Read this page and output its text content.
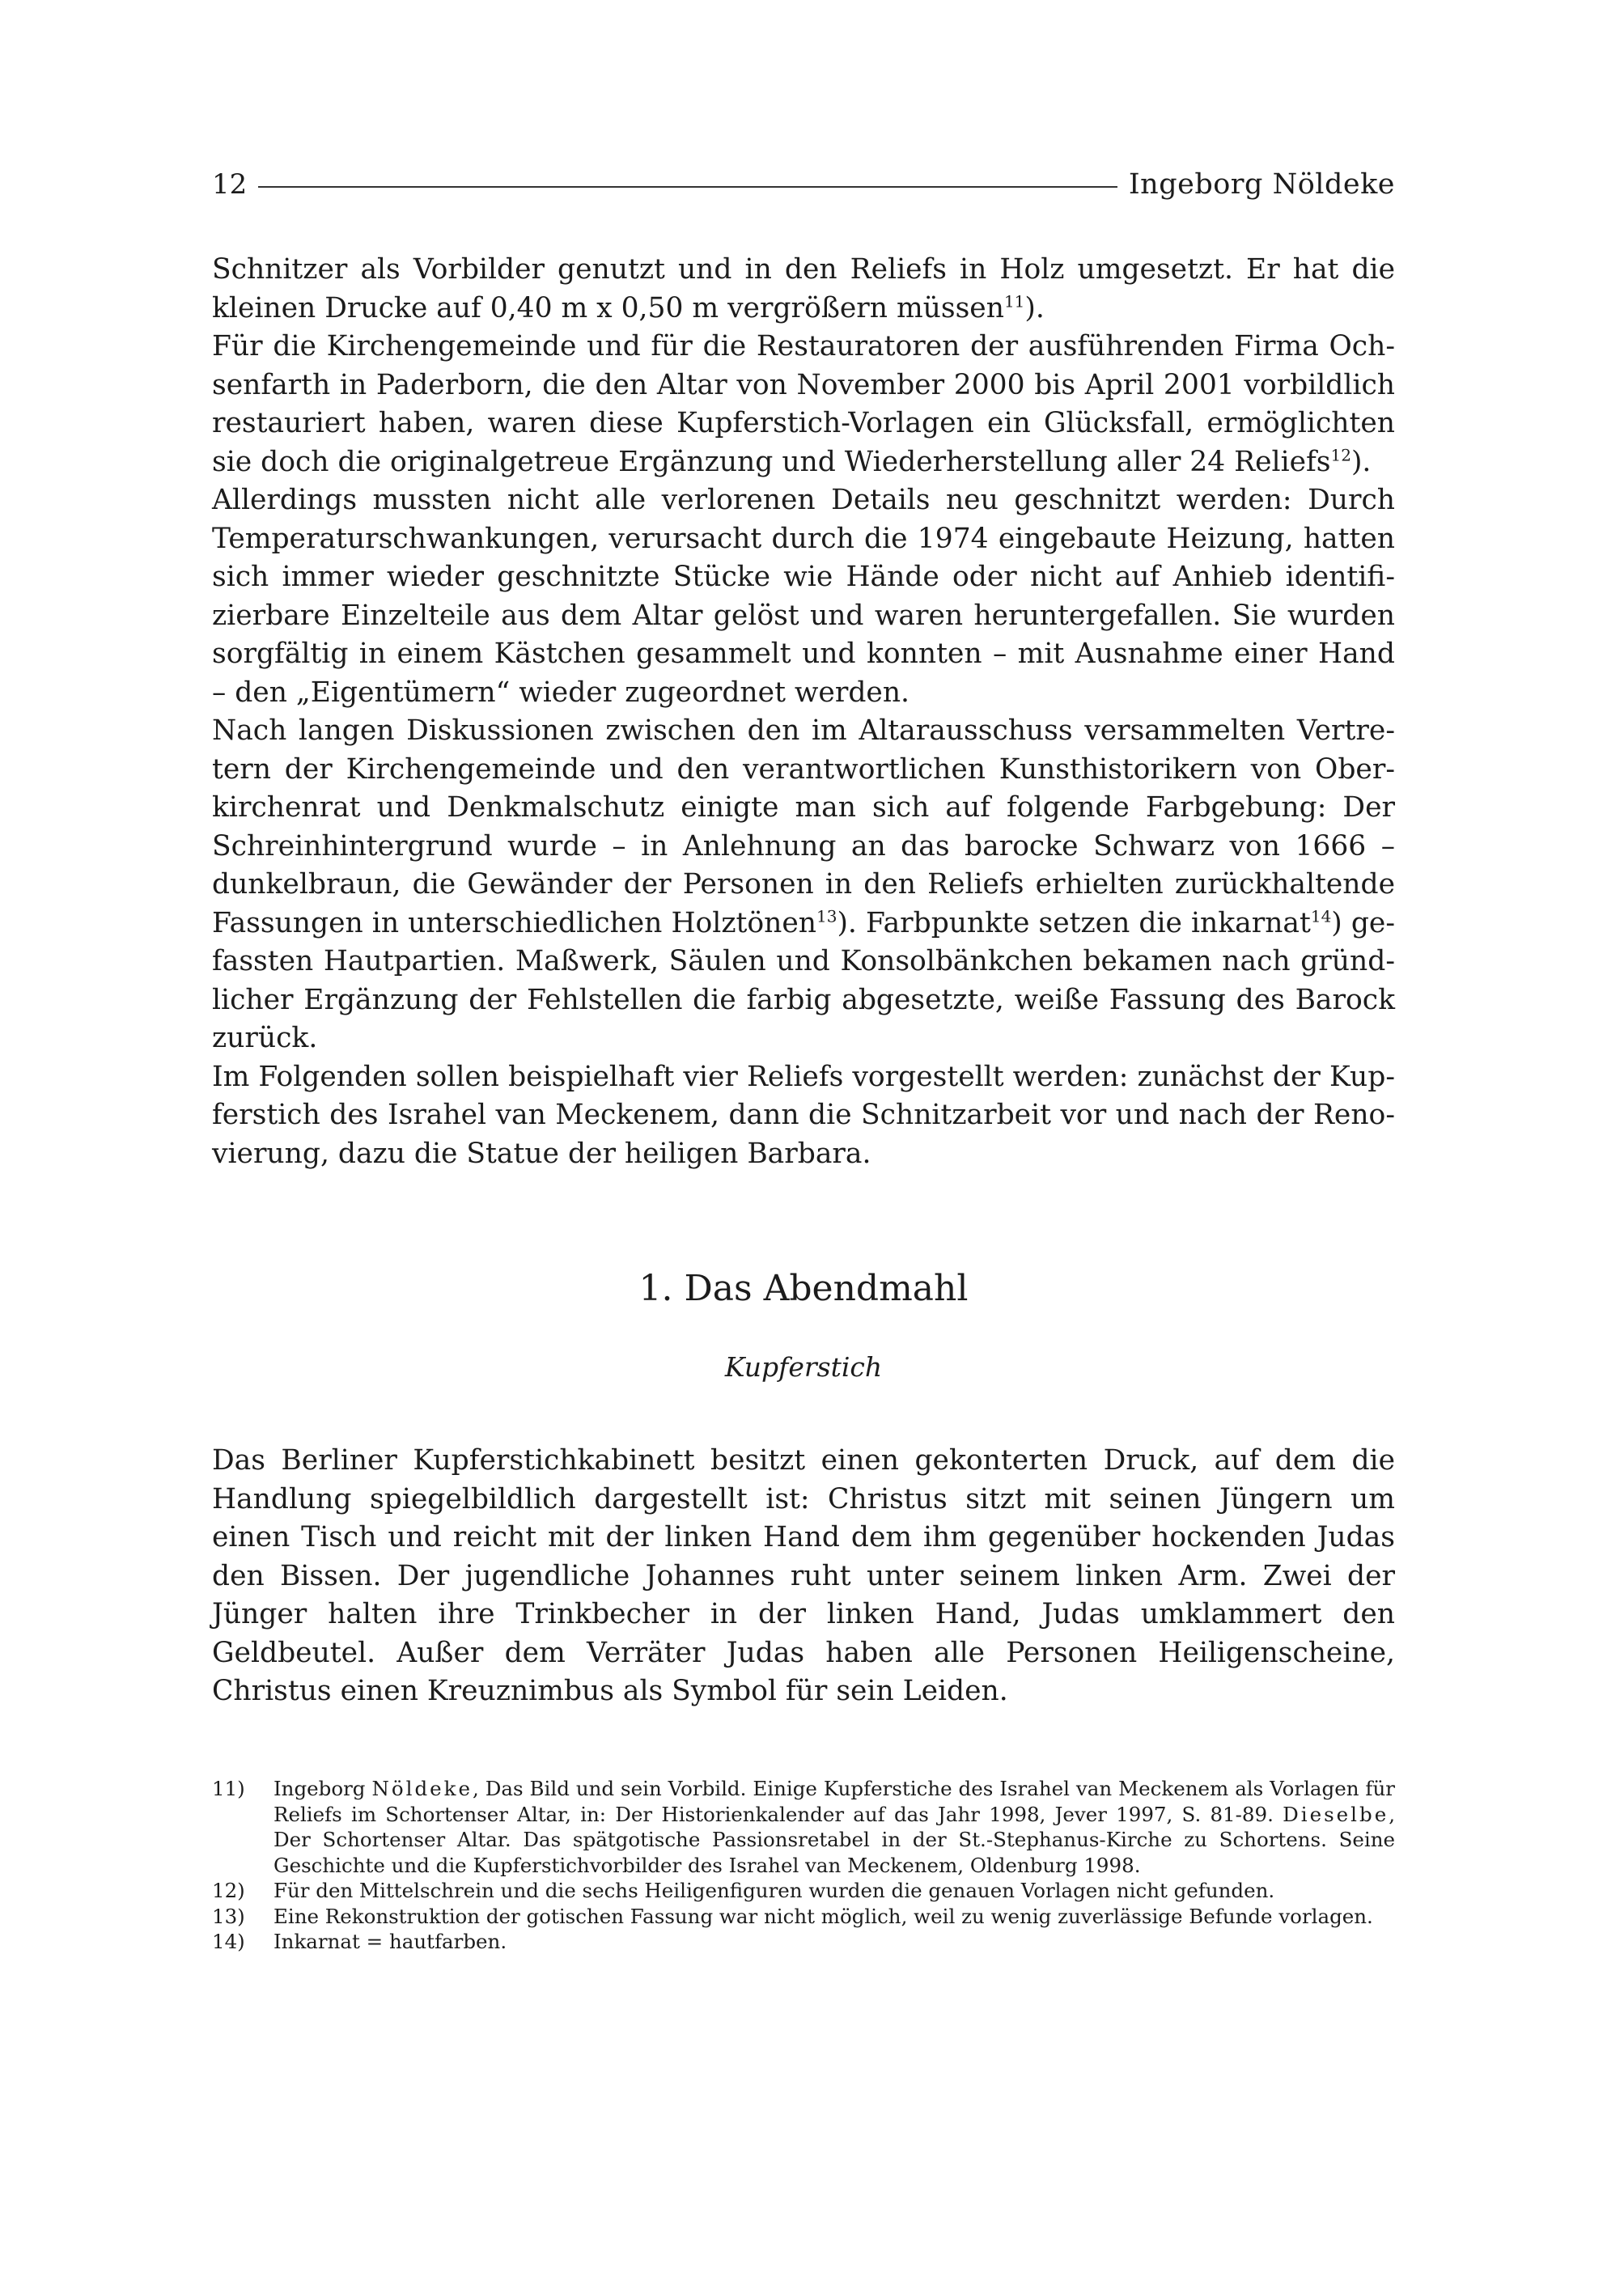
12	Ingeborg Nöldeke

Schnitzer als Vorbilder genutzt und in den Reliefs in Holz umgesetzt. Er hat die kleinen Drucke auf 0,40 m x 0,50 m vergrößern müssen$^{11}$).

Für die Kirchengemeinde und für die Restauratoren der ausführenden Firma Ochsenfarth in Paderborn, die den Altar von November 2000 bis April 2001 vorbildlich restauriert haben, waren diese Kupferstich-Vorlagen ein Glücksfall, ermöglichten sie doch die originalgetreue Ergänzung und Wiederherstellung aller 24 Reliefs$^{12}$).

Allerdings mussten nicht alle verlorenen Details neu geschnitzt werden: Durch Temperaturschwankungen, verursacht durch die 1974 eingebaute Heizung, hatten sich immer wieder geschnitzte Stücke wie Hände oder nicht auf Anhieb identifizierbare Einzelteile aus dem Altar gelöst und waren heruntergefallen. Sie wurden sorgfältig in einem Kästchen gesammelt und konnten – mit Ausnahme einer Hand – den „Eigentümern“ wieder zugeordnet werden.

Nach langen Diskussionen zwischen den im Altarausschuss versammelten Vertretern der Kirchengemeinde und den verantwortlichen Kunsthistorikern von Oberkirchenrat und Denkmalschutz einigte man sich auf folgende Farbgebung: Der Schreinhintergrund wurde – in Anlehnung an das barocke Schwarz von 1666 – dunkelbraun, die Gewänder der Personen in den Reliefs erhielten zurückhaltende Fassungen in unterschiedlichen Holztönen$^{13}$). Farbpunkte setzen die inkarnat$^{14}$) gefassten Hautpartien. Maßwerk, Säulen und Konsolbänkchen bekamen nach gründlicher Ergänzung der Fehlstellen die farbig abgesetzte, weiße Fassung des Barock zurück.

Im Folgenden sollen beispielhaft vier Reliefs vorgestellt werden: zunächst der Kupferstich des Israhel van Meckenem, dann die Schnitzarbeit vor und nach der Renovierung, dazu die Statue der heiligen Barbara.

1. Das Abendmahl
Kupferstich

Das Berliner Kupferstichkabinett besitzt einen gekonterten Druck, auf dem die Handlung spiegelbildlich dargestellt ist: Christus sitzt mit seinen Jüngern um einen Tisch und reicht mit der linken Hand dem ihm gegenüber hockenden Judas den Bissen. Der jugendliche Johannes ruht unter seinem linken Arm. Zwei der Jünger halten ihre Trinkbecher in der linken Hand, Judas umklammert den Geldbeutel. Außer dem Verräter Judas haben alle Personen Heiligenscheine, Christus einen Kreuznimbus als Symbol für sein Leiden.

11)	Ingeborg Nöldeke, Das Bild und sein Vorbild. Einige Kupferstiche des Israhel van Meckenem als Vorlagen für Reliefs im Schortenser Altar, in: Der Historienkalender auf das Jahr 1998, Jever 1997, S. 81-89. Dieselbe, Der Schortenser Altar. Das spätgotische Passionsretabel in der St.-Stephanus-Kirche zu Schortens. Seine Geschichte und die Kupferstichvorbilder des Israhel van Meckenem, Oldenburg 1998.
12)	Für den Mittelschrein und die sechs Heiligenfiguren wurden die genauen Vorlagen nicht gefunden.
13)	Eine Rekonstruktion der gotischen Fassung war nicht möglich, weil zu wenig zuverlässige Befunde vorlagen.
14)	Inkarnat = hautfarben.
